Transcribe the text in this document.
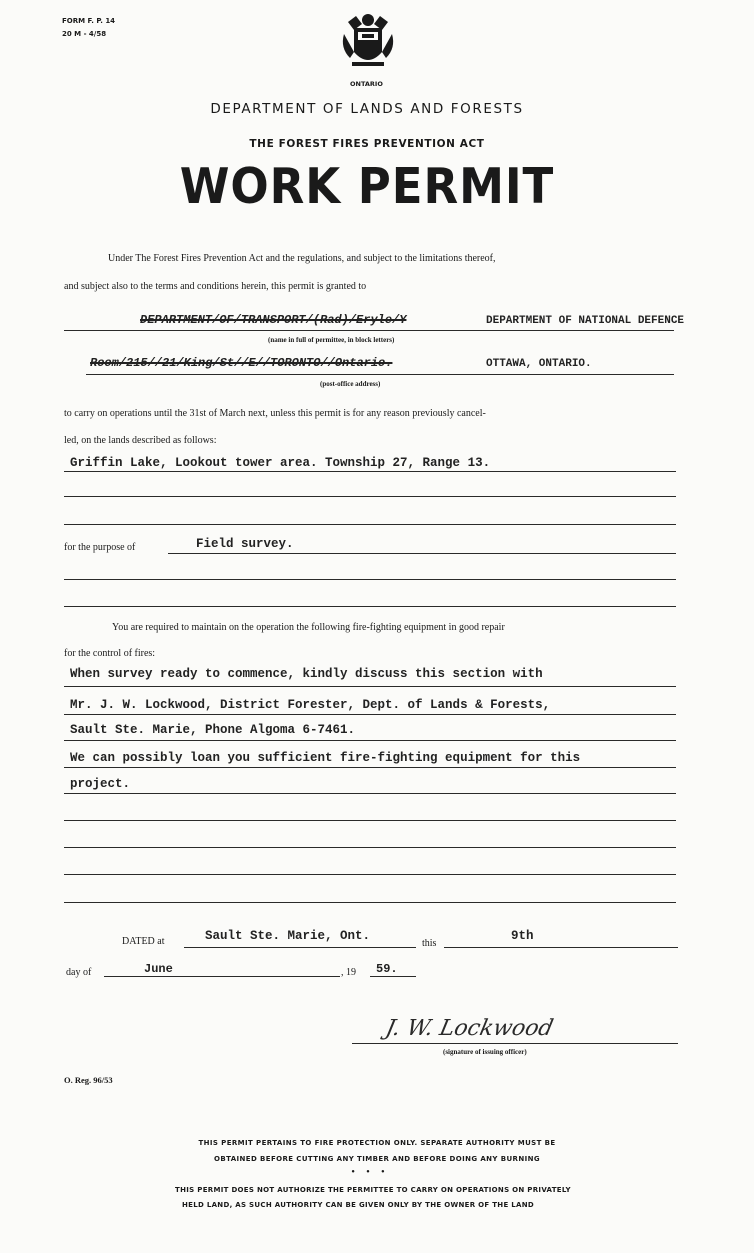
FORM F. P. 14
20 M - 4/58
ONTARIO
DEPARTMENT OF LANDS AND FORESTS
THE FOREST FIRES PREVENTION ACT
WORK PERMIT
Under The Forest Fires Prevention Act and the regulations, and subject to the limitations thereof,
and subject also to the terms and conditions herein, this permit is granted to
DEPARTMENT/OF/TRANSPORT/(Rad)/Eryle/Y	DEPARTMENT OF NATIONAL DEFENCE
(name in full of permittee, in block letters)
Room/215//21/King/St//E//TORONTO//Ontario.	OTTAWA, ONTARIO.
(post-office address)
to carry on operations until the 31st of March next, unless this permit is for any reason previously cancel-
led, on the lands described as follows:
Griffin Lake, Lookout tower area. Township 27, Range 13.
for the purpose of	Field survey.
You are required to maintain on the operation the following fire-fighting equipment in good repair
for the control of fires:
When survey ready to commence, kindly discuss this section with
Mr. J. W. Lockwood, District Forester, Dept. of Lands & Forests,
Sault Ste. Marie, Phone Algoma 6-7461.
We can possibly loan you sufficient fire-fighting equipment for this
project.
DATED at	Sault Ste. Marie, Ont.
this
9th
day of	June	, 19 59.
J. W. Lockwood
(signature of issuing officer)
O. Reg. 96/53
THIS PERMIT PERTAINS TO FIRE PROTECTION ONLY. SEPARATE AUTHORITY MUST BE
OBTAINED BEFORE CUTTING ANY TIMBER AND BEFORE DOING ANY BURNING
• • •
THIS PERMIT DOES NOT AUTHORIZE THE PERMITTEE TO CARRY ON OPERATIONS ON PRIVATELY
HELD LAND, AS SUCH AUTHORITY CAN BE GIVEN ONLY BY THE OWNER OF THE LAND
